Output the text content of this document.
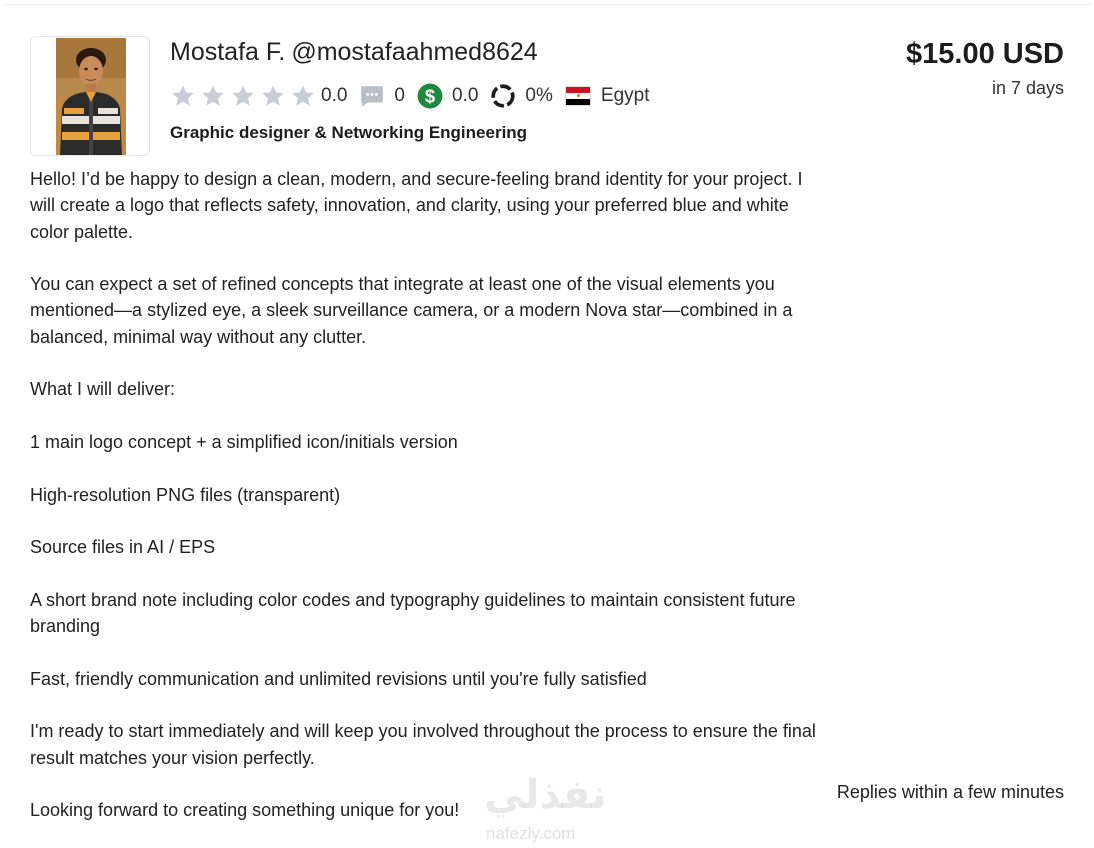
Mostafa F. @mostafaahmed8624
0.0 0 $ 0.0 0%	Egypt
Graphic designer & Networking Engineering
$15.00 USD
in 7 days

Hello! I’d be happy to design a clean, modern, and secure-feeling brand identity for your project. I will create a logo that reflects safety, innovation, and clarity, using your preferred blue and white color palette.

You can expect a set of refined concepts that integrate at least one of the visual elements you mentioned—a stylized eye, a sleek surveillance camera, or a modern Nova star—combined in a balanced, minimal way without any clutter.

What I will deliver:

1 main logo concept + a simplified icon/initials version

High-resolution PNG files (transparent)

Source files in AI / EPS

A short brand note including color codes and typography guidelines to maintain consistent future branding

Fast, friendly communication and unlimited revisions until you're fully satisfied

I'm ready to start immediately and will keep you involved throughout the process to ensure the final result matches your vision perfectly.

Looking forward to creating something unique for you!

Replies within a few minutes
نفذلي
nafezly.com
